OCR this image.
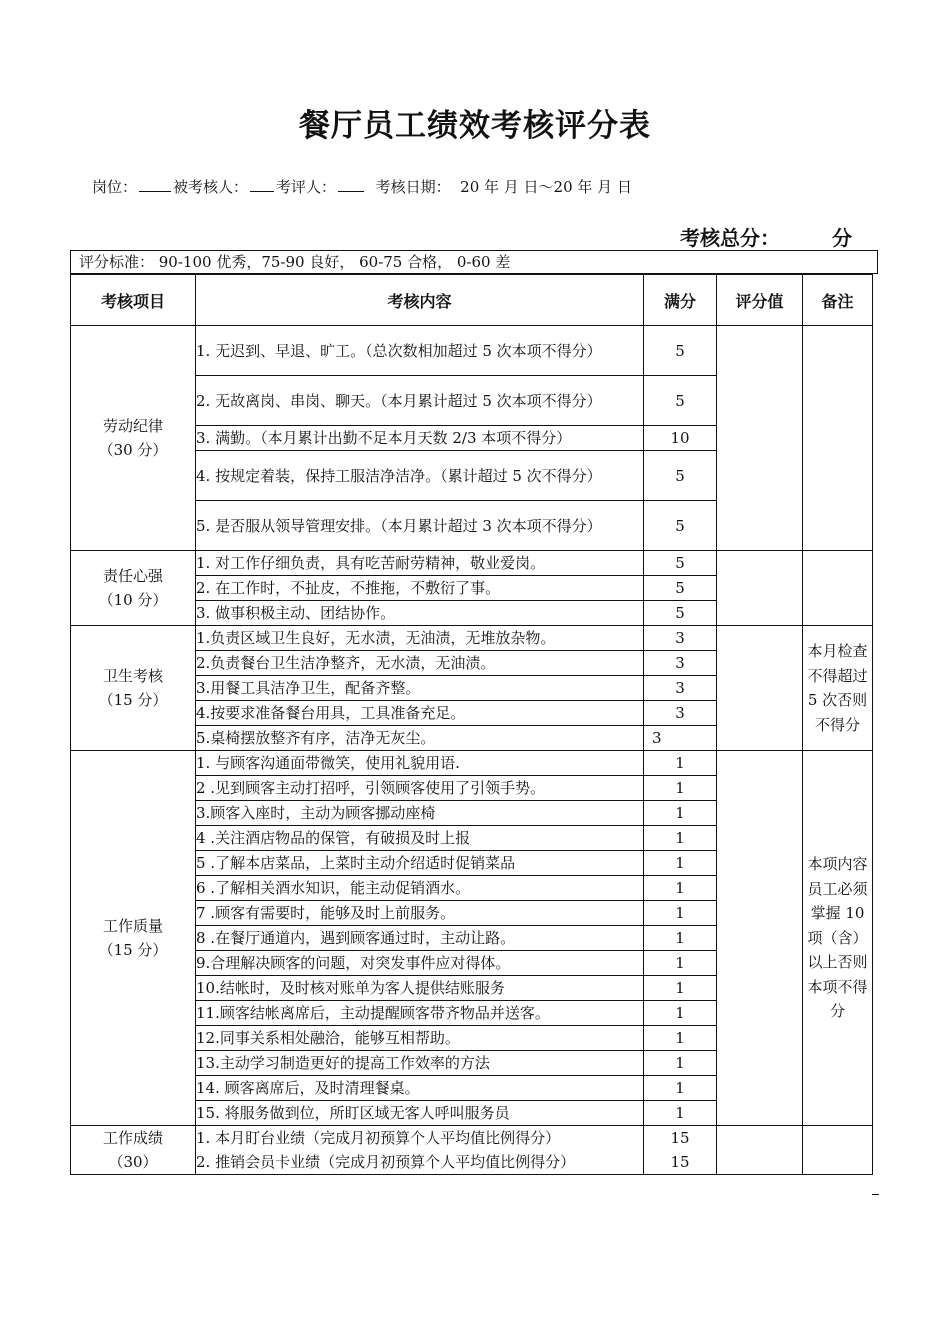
餐厅员工绩效考核评分表
岗位： 被考核人： 考评人：	考核日期： 20 年 月 日～20 年 月 日
考核总分：	分
评分标准： 90-100 优秀，75-90 良好， 60-75 合格， 0-60 差
考核项目	考核内容	满分	评分值	备注

劳动纪律
（30 分）	1. 无迟到、早退、旷工。（总次数相加超过 5 次本项不得分）	5		
	2. 无故离岗、串岗、聊天。（本月累计超过 5 次本项不得分）	5		
	3. 满勤。（本月累计出勤不足本月天数 2/3 本项不得分）	10		
	4. 按规定着装，保持工服洁净洁净。（累计超过 5 次不得分）	5		
	5. 是否服从领导管理安排。（本月累计超过 3 次本项不得分）	5		

责任心强
（10 分）	1. 对工作仔细负责，具有吃苦耐劳精神，敬业爱岗。	5		
	2. 在工作时，不扯皮，不推拖，不敷衍了事。	5		
	3. 做事积极主动、团结协作。	5		

卫生考核
（15 分）	1.负责区域卫生良好，无水渍，无油渍，无堆放杂物。	3		本月检查不得超过 5 次否则不得分
	2.负责餐台卫生洁净整齐，无水渍，无油渍。	3		
	3.用餐工具洁净卫生，配备齐整。	3		
	4.按要求准备餐台用具，工具准备充足。	3		
	5.桌椅摆放整齐有序，洁净无灰尘。	3		

工作质量
（15 分）	1. 与顾客沟通面带微笑，使用礼貌用语.	1		本项内容员工必须掌握 10 项（含）以上否则本项不得分
	2 .见到顾客主动打招呼，引领顾客使用了引领手势。	1		
	3.顾客入座时，主动为顾客挪动座椅	1		
	4 .关注酒店物品的保管，有破损及时上报	1		
	5 .了解本店菜品，上菜时主动介绍适时促销菜品	1		
	6 .了解相关酒水知识，能主动促销酒水。	1		
	7 .顾客有需要时，能够及时上前服务。	1		
	8 .在餐厅通道内，遇到顾客通过时，主动让路。	1		
	9.合理解决顾客的问题，对突发事件应对得体。	1		
	10.结帐时，及时核对账单为客人提供结账服务	1		
	11.顾客结帐离席后，主动提醒顾客带齐物品并送客。	1		
	12.同事关系相处融洽，能够互相帮助。	1		
	13.主动学习制造更好的提高工作效率的方法	1		
	14. 顾客离席后，及时清理餐桌。	1		
	15. 将服务做到位，所盯区域无客人呼叫服务员	1		

工作成绩
（30）	1. 本月盯台业绩（完成月初预算个人平均值比例得分）	15		
	2. 推销会员卡业绩（完成月初预算个人平均值比例得分）	15		
